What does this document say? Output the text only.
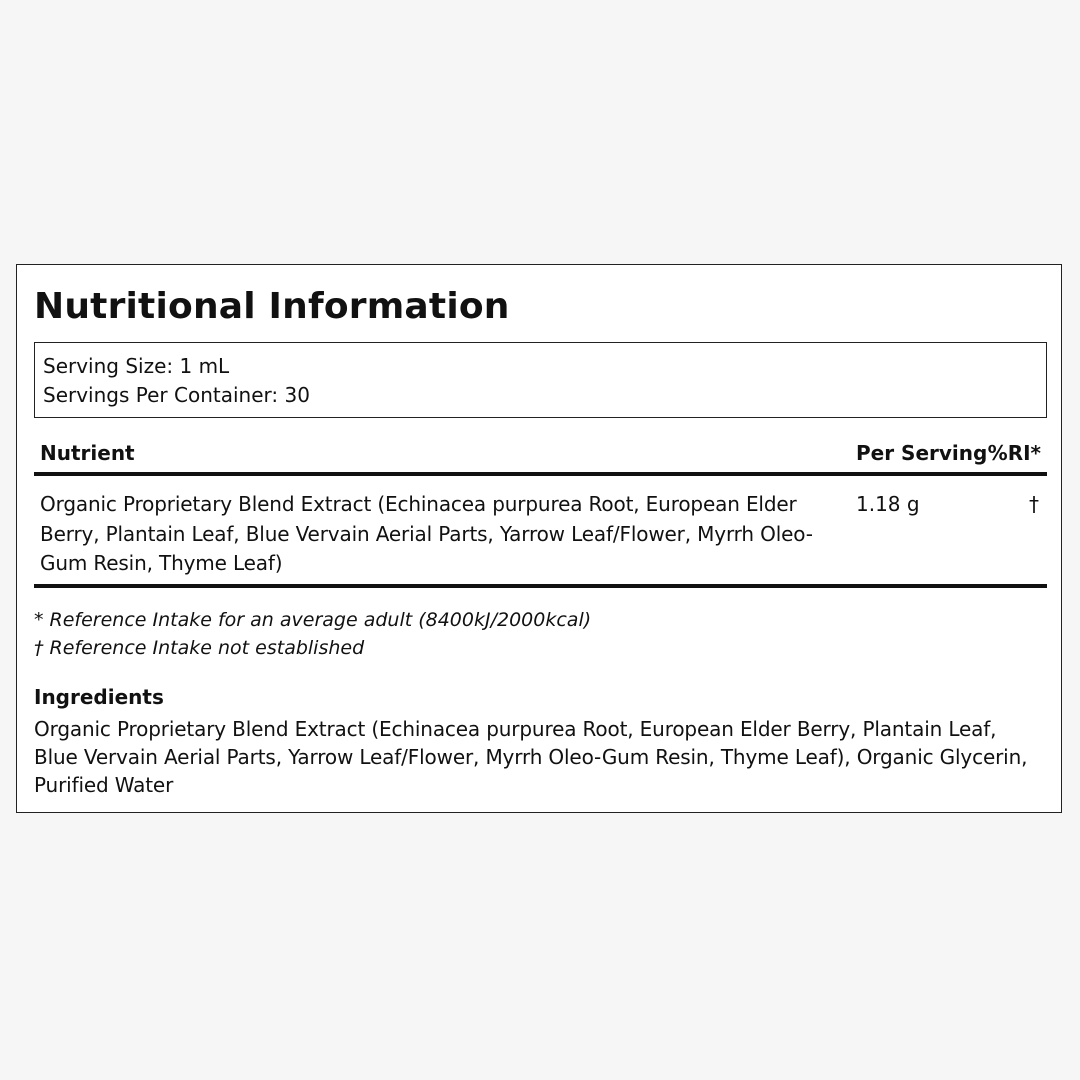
Nutritional Information
Serving Size: 1 mL
Servings Per Container: 30
Nutrient	Per Serving %RI*
Organic Proprietary Blend Extract (Echinacea purpurea Root, European Elder Berry, Plantain Leaf, Blue Vervain Aerial Parts, Yarrow Leaf/Flower, Myrrh Oleo-Gum Resin, Thyme Leaf)
1.18 g	†
* Reference Intake for an average adult (8400kJ/2000kcal)
† Reference Intake not established
Ingredients

Organic Proprietary Blend Extract (Echinacea purpurea Root, European Elder Berry, Plantain Leaf, Blue Vervain Aerial Parts, Yarrow Leaf/Flower, Myrrh Oleo-Gum Resin, Thyme Leaf), Organic Glycerin, Purified Water
